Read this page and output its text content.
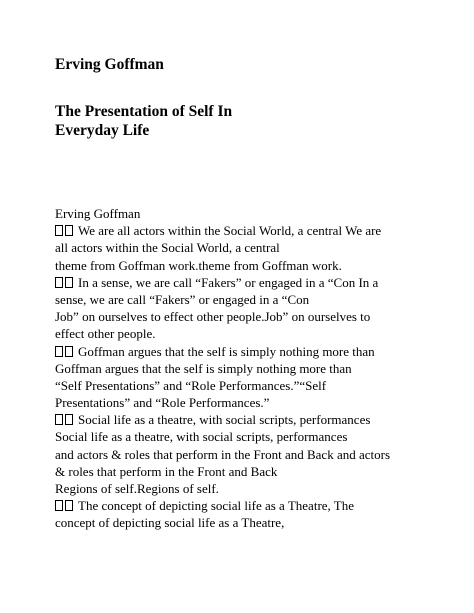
Erving Goffman
The Presentation of Self In
Everyday Life
Erving Goffman
We are all actors within the Social World, a central We are
all actors within the Social World, a central
theme from Goffman work.theme from Goffman work.
In a sense, we are call “Fakers” or engaged in a “Con In a
sense, we are call “Fakers” or engaged in a “Con
Job” on ourselves to effect other people.Job” on ourselves to
effect other people.
Goffman argues that the self is simply nothing more than
Goffman argues that the self is simply nothing more than
“Self Presentations” and “Role Performances.”“Self
Presentations” and “Role Performances.”
Social life as a theatre, with social scripts, performances
Social life as a theatre, with social scripts, performances
and actors & roles that perform in the Front and Back and actors
& roles that perform in the Front and Back
Regions of self.Regions of self.
The concept of depicting social life as a Theatre, The
concept of depicting social life as a Theatre,
